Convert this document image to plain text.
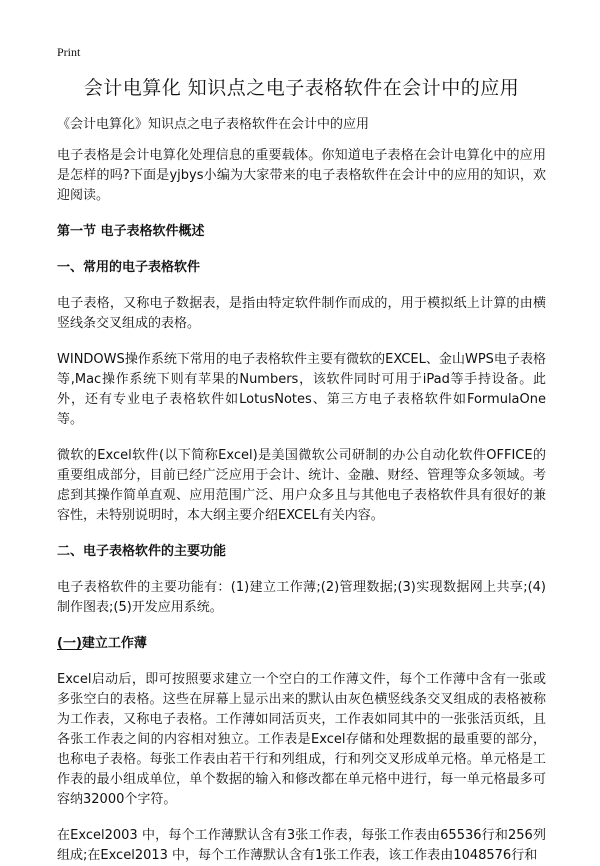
Print
会计电算化 知识点之电子表格软件在会计中的应用

《会计电算化》知识点之电子表格软件在会计中的应用

电子表格是会计电算化处理信息的重要载体。你知道电子表格在会计电算化中的应用是怎样的吗?下面是yjbys小编为大家带来的电子表格软件在会计中的应用的知识，欢迎阅读。

第一节 电子表格软件概述

一、常用的电子表格软件

电子表格，又称电子数据表，是指由特定软件制作而成的，用于模拟纸上计算的由横竖线条交叉组成的表格。

WINDOWS操作系统下常用的电子表格软件主要有微软的EXCEL、金山WPS电子表格等,Mac操作系统下则有苹果的Numbers，该软件同时可用于iPad等手持设备。此外，还有专业电子表格软件如LotusNotes、第三方电子表格软件如FormulaOne 等。

微软的Excel软件(以下简称Excel)是美国微软公司研制的办公自动化软件OFFICE的重要组成部分，目前已经广泛应用于会计、统计、金融、财经、管理等众多领域。考虑到其操作简单直观、应用范围广泛、用户众多且与其他电子表格软件具有很好的兼容性，未特别说明时，本大纲主要介绍EXCEL有关内容。

二、电子表格软件的主要功能

电子表格软件的主要功能有：(1)建立工作薄;(2)管理数据;(3)实现数据网上共享;(4)制作图表;(5)开发应用系统。

(一)建立工作薄

Excel启动后，即可按照要求建立一个空白的工作薄文件，每个工作薄中含有一张或多张空白的表格。这些在屏幕上显示出来的默认由灰色横竖线条交叉组成的表格被称为工作表，又称电子表格。工作薄如同活页夹，工作表如同其中的一张张活页纸，且各张工作表之间的内容相对独立。工作表是Excel存储和处理数据的最重要的部分，也称电子表格。每张工作表由若干行和列组成，行和列交叉形成单元格。单元格是工作表的最小组成单位，单个数据的输入和修改都在单元格中进行，每一单元格最多可容纳32000个字符。

在Excel2003 中，每个工作薄默认含有3张工作表，每张工作表由65536行和256列组成;在Excel2013 中，每个工作薄默认含有1张工作表，该工作表由1048576行和
